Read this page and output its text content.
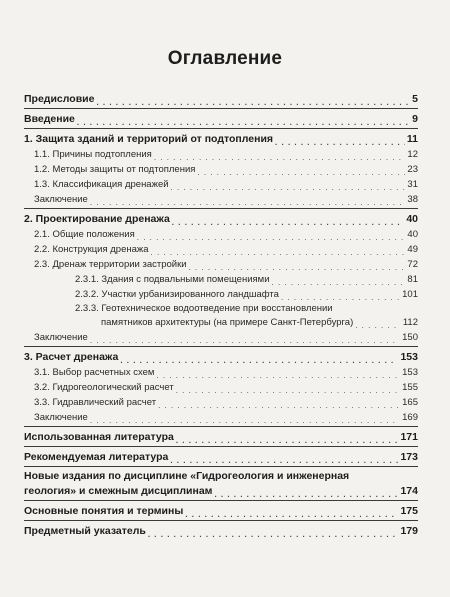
Оглавление
Предисловие . . .	5
Введение . . .	9
1. Защита зданий и территорий от подтопления . . .	11
1.1. Причины подтопления . . .	12
1.2. Методы защиты от подтопления . . .	23
1.3. Классификация дренажей . . .	31
Заключение . . .	38
2. Проектирование дренажа . . .	40
2.1. Общие положения . . .	40
2.2. Конструкция дренажа . . .	49
2.3. Дренаж территории застройки . . .	72
2.3.1. Здания с подвальными помещениями . . .	81
2.3.2. Участки урбанизированного ландшафта . . .	101
2.3.3. Геотехническое водоотведение при восстановлении
памятников архитектуры (на примере Санкт-Петербурга) . . .	112
Заключение . . .	150
3. Расчет дренажа . . .	153
3.1. Выбор расчетных схем . . .	153
3.2. Гидрогеологический расчет . . .	155
3.3. Гидравлический расчет . . .	165
Заключение . . .	169
Использованная литература . . .	171
Рекомендуемая литература . . .	173
Новые издания по дисциплине «Гидрогеология и инженерная
геология» и смежным дисциплинам . . .	174
Основные понятия и термины . . .	175
Предметный указатель . . .	179
